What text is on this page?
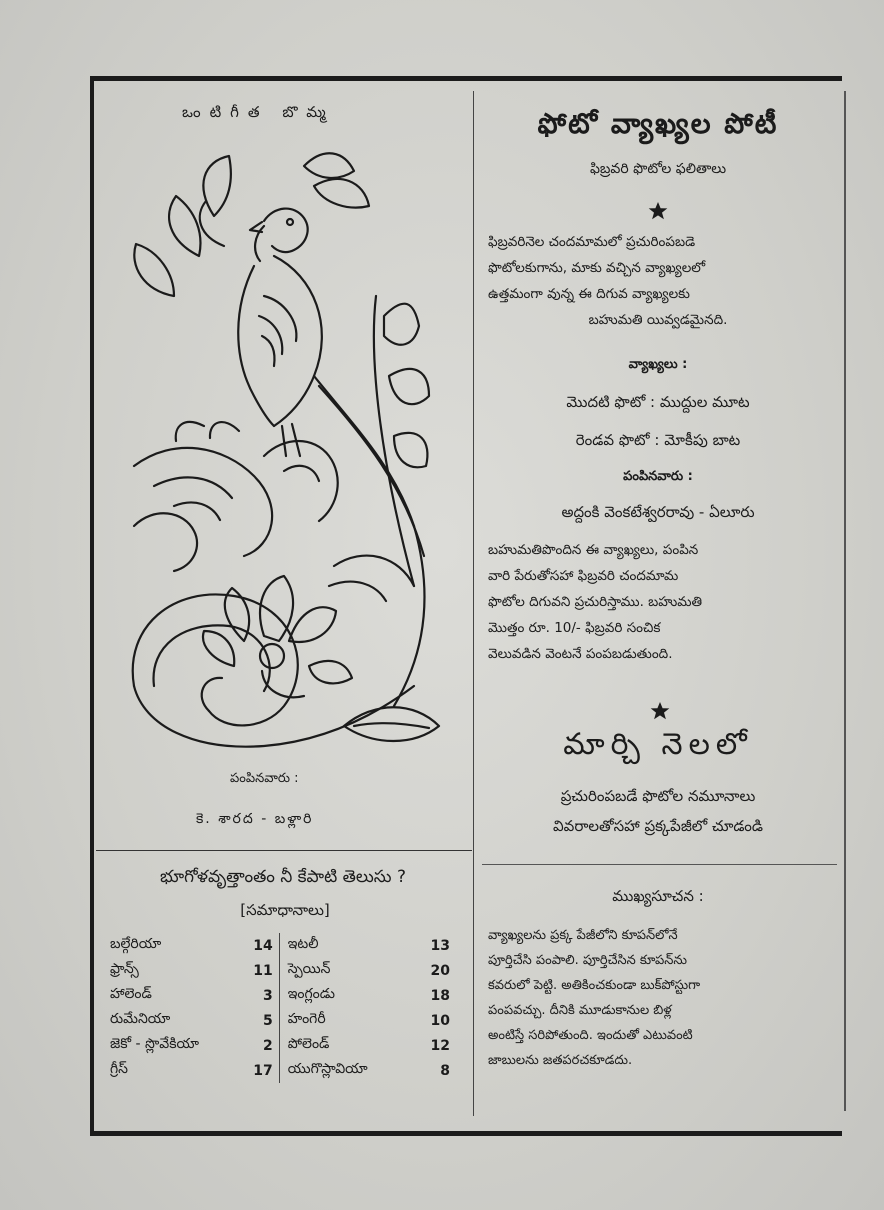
ఒంటిగీత బొమ్మ
పంపినవారు :
కె. శారద - బళ్లారి
భూగోళవృత్తాంతం నీ కేపాటి తెలుసు ?
[సమాధానాలు]
బల్గేరియా	14	ఇటలీ	13
ఫ్రాన్స్	11	స్పెయిన్	20
హాలెండ్	3	ఇంగ్లండు	18
రుమేనియా	5	హంగెరీ	10
జెకో - స్లొవేకియా	2	పోలెండ్	12
గ్రీస్	17	యుగొస్లావియా	8
ఫోటో వ్యాఖ్యల పోటీ
ఫిబ్రవరి ఫొటోల ఫలితాలు
ఫిబ్రవరినెల చందమామలో ప్రచురింపబడె
ఫొటోలకుగాను, మాకు వచ్చిన వ్యాఖ్యలలో
ఉత్తమంగా వున్న ఈ దిగువ వ్యాఖ్యలకు
బహుమతి యివ్వడమైనది.
వ్యాఖ్యలు :
మొదటి ఫొటో : ముద్దుల మూట
రెండవ ఫొటో : మోకీపు బాట
పంపినవారు :
అద్దంకి వెంకటేశ్వరరావు - ఏలూరు
బహుమతిపొందిన ఈ వ్యాఖ్యలు, పంపిన
వారి పేరుతోసహా ఫిబ్రవరి చందమామ
ఫొటోల దిగువని ప్రచురిస్తాము. బహుమతి
మొత్తం రూ. 10/- ఫిబ్రవరి సంచిక
వెలువడిన వెంటనే పంపబడుతుంది.
మార్చి నెలలో
ప్రచురింపబడే ఫొటోల నమూనాలు
వివరాలతోసహా ప్రక్కపేజీలో చూడండి
ముఖ్యసూచన :
వ్యాఖ్యలను ప్రక్క పేజీలోని కూపన్‌లోనే
పూర్తిచేసి పంపాలి. పూర్తిచేసిన కూపన్‌ను
కవరులో పెట్టి. అతికించకుండా బుక్‌పోస్టుగా
పంపవచ్చు. దీనికి మూడుకానుల బిళ్ల
అంటిస్తే సరిపోతుంది. ఇందుతో ఎటువంటి
జాబులను జతపరచకూడదు.
